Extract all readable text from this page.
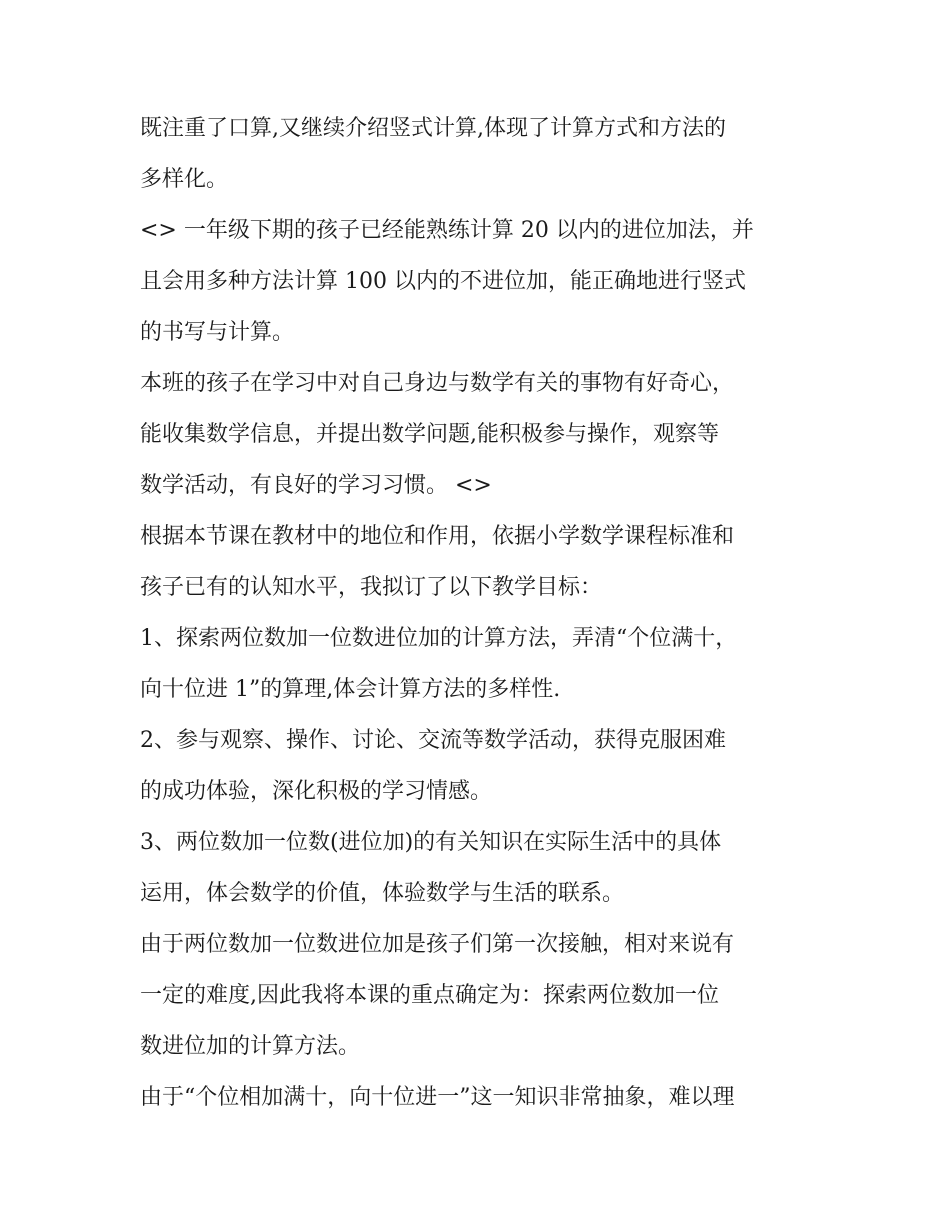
既注重了口算,又继续介绍竖式计算,体现了计算方式和方法的
多样化。
<> 一年级下期的孩子已经能熟练计算 20 以内的进位加法，并
且会用多种方法计算 100 以内的不进位加，能正确地进行竖式
的书写与计算。
本班的孩子在学习中对自己身边与数学有关的事物有好奇心，
能收集数学信息，并提出数学问题,能积极参与操作，观察等
数学活动，有良好的学习习惯。 <>
根据本节课在教材中的地位和作用，依据小学数学课程标准和
孩子已有的认知水平，我拟订了以下教学目标：
1、探索两位数加一位数进位加的计算方法，弄清“个位满十，
向十位进 1”的算理,体会计算方法的多样性.
2、参与观察、操作、讨论、交流等数学活动，获得克服困难
的成功体验，深化积极的学习情感。
3、两位数加一位数(进位加)的有关知识在实际生活中的具体
运用，体会数学的价值，体验数学与生活的联系。
由于两位数加一位数进位加是孩子们第一次接触，相对来说有
一定的难度,因此我将本课的重点确定为：探索两位数加一位
数进位加的计算方法。
由于“个位相加满十，向十位进一”这一知识非常抽象，难以理
